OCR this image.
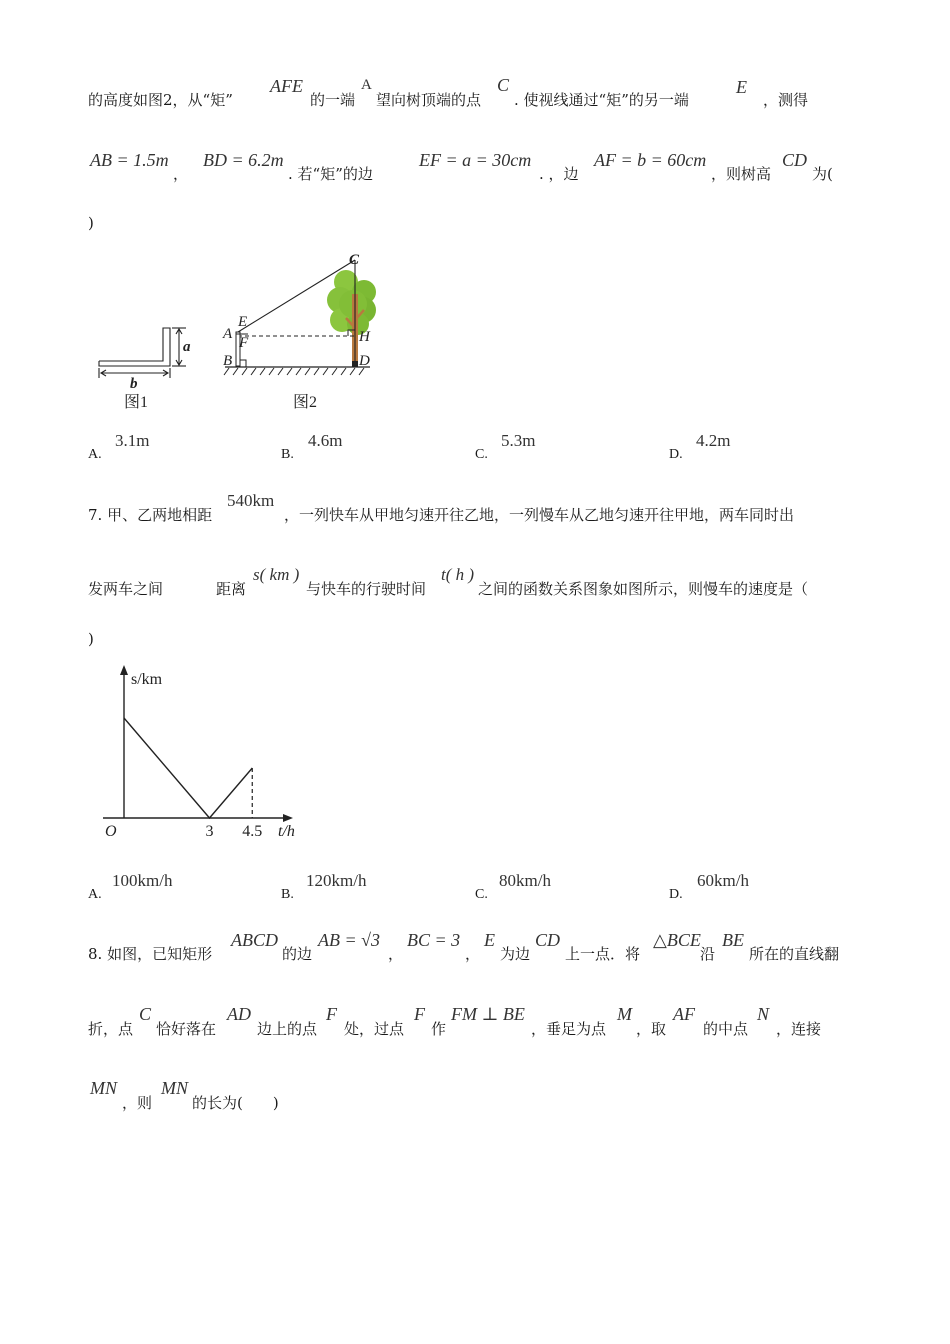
的高度如图2，从“矩”
AFE
的一端
A
望向树顶端的点
C
. 使视线通过“矩”的另一端
E
，测得
AB = 1.5m
，
BD = 6.2m
. 若“矩”的边
EF = a = 30cm
. ，边
AF = b = 60cm
，则树高
CD
为(
)
a
b
图1
C
E
A
F	H
B	D
图2
A.
3.1m
B.
4.6m
C.
5.3m
D.
4.2m
7. 甲、乙两地相距
540km
，一列快车从甲地匀速开往乙地，一列慢车从乙地匀速开往甲地，两车同时出
发两车之间	距离
s( km )
与快车的行驶时间
t( h )
之间的函数关系图象如图所示，则慢车的速度是（
)
s/km
t/h
O	3 4.5
A.
100km/h
B.
120km/h
C.
80km/h
D.
60km/h
8. 如图，已知矩形
ABCD
的边
AB = √3
，
BC = 3
，
E
为边
CD
上一点．将
△BCE
沿
BE
所在的直线翻
折，点
C
恰好落在
AD
边上的点
F
处，过点
F
作
FM ⊥ BE
，垂足为点
M
，取
AF
的中点
N
，连接
MN
，则
MN
的长为(　　)
